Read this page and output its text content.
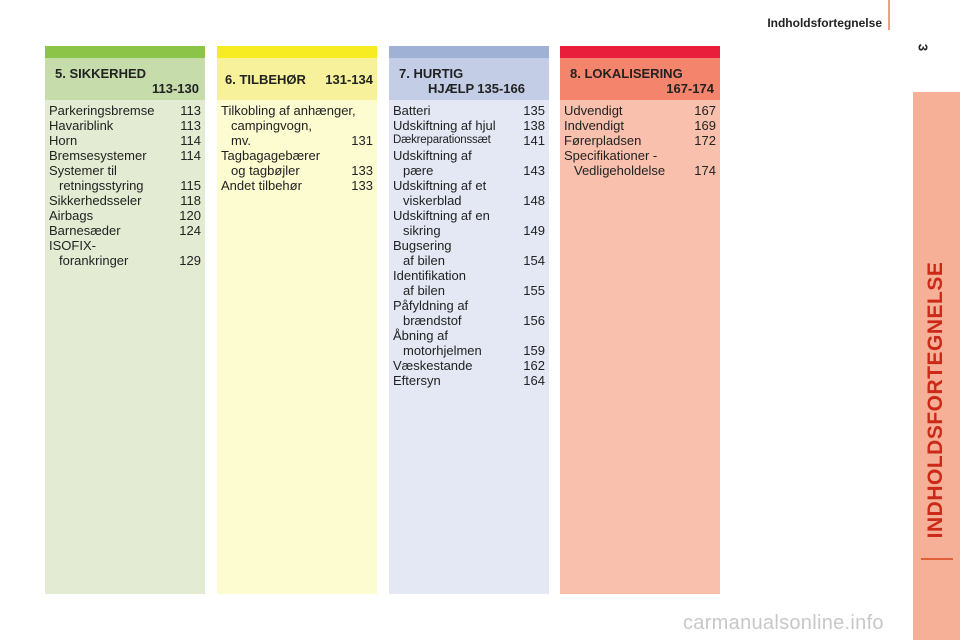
Indholdsfortegnelse
3
INDHOLDSFORTEGNELSE
5. SIKKERHED
113-130
Parkeringsbremse 113
Havariblink	113
Horn	114
Bremsesystemer	114
Systemer til
retningsstyring	115
Sikkerhedsseler	118
Airbags	120
Barnesæder	124
ISOFIX-
forankringer	129
6. TILBEHØR 131-134
Tilkobling af anhænger,
campingvogn,
mv.	131
Tagbagagebærer
og tagbøjler	133
Andet tilbehør	133
7. HURTIG
HJÆLP 135-166
Batteri	135
Udskiftning af hjul 138
Dækreparationssæt	141
Udskiftning af
pære	143
Udskiftning af et
viskerblad	148
Udskiftning af en
sikring	149
Bugsering
af bilen	154
Identifikation
af bilen	155
Påfyldning af
brændstof	156
Åbning af
motorhjelmen	159
Væskestande	162
Eftersyn	164
8. LOKALISERING
167-174
Udvendigt	167
Indvendigt	169
Førerpladsen	172
Specifikationer -
Vedligeholdelse 174
carmanualsonline.info
